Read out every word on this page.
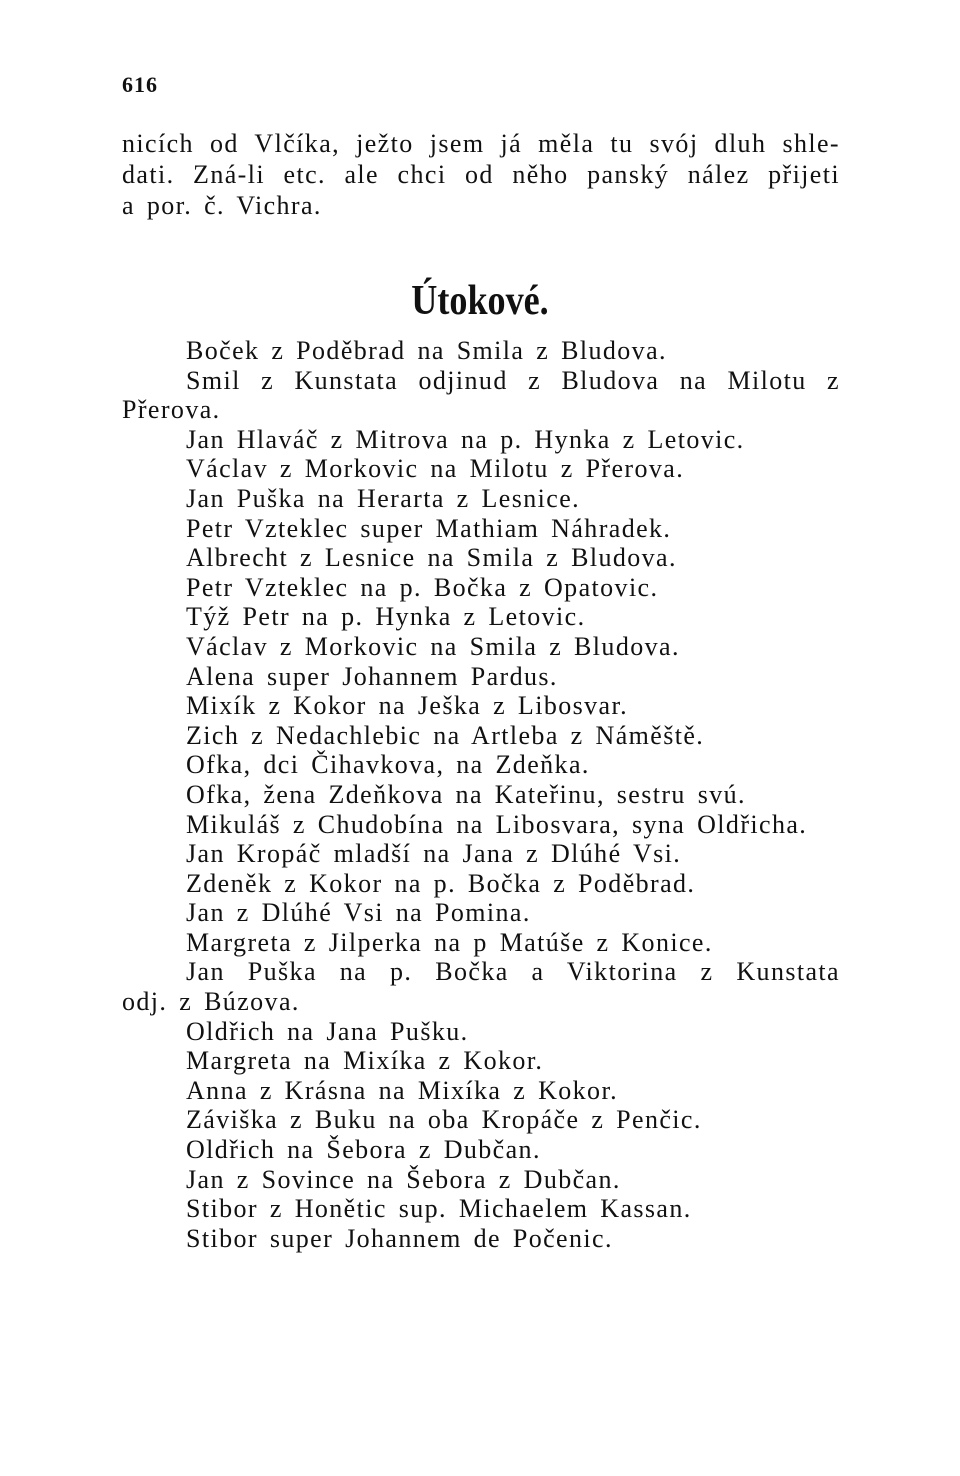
616
nicích od Vlčíka, ježto jsem já měla tu svój dluh shle-
dati. Zná-li etc. ale chci od něho panský nález přijeti
a por. č. Vichra.
Útokové.
Boček z Poděbrad na Smila z Bludova.
Smil z Kunstata odjinud z Bludova na Milotu z
Přerova.
Jan Hlaváč z Mitrova na p. Hynka z Letovic.
Václav z Morkovic na Milotu z Přerova.
Jan Puška na Herarta z Lesnice.
Petr Vzteklec super Mathiam Náhradek.
Albrecht z Lesnice na Smila z Bludova.
Petr Vzteklec na p. Bočka z Opatovic.
Týž Petr na p. Hynka z Letovic.
Václav z Morkovic na Smila z Bludova.
Alena super Johannem Pardus.
Mixík z Kokor na Ješka z Libosvar.
Zich z Nedachlebic na Artleba z Náměště.
Ofka, dci Čihavkova, na Zdeňka.
Ofka, žena Zdeňkova na Kateřinu, sestru svú.
Mikuláš z Chudobína na Libosvara, syna Oldřicha.
Jan Kropáč mladší na Jana z Dlúhé Vsi.
Zdeněk z Kokor na p. Bočka z Poděbrad.
Jan z Dlúhé Vsi na Pomina.
Margreta z Jilperka na p Matúše z Konice.
Jan Puška na p. Bočka a Viktorina z Kunstata
odj. z Búzova.
Oldřich na Jana Pušku.
Margreta na Mixíka z Kokor.
Anna z Krásna na Mixíka z Kokor.
Záviška z Buku na oba Kropáče z Penčic.
Oldřich na Šebora z Dubčan.
Jan z Sovince na Šebora z Dubčan.
Stibor z Honětic sup. Michaelem Kassan.
Stibor super Johannem de Počenic.
